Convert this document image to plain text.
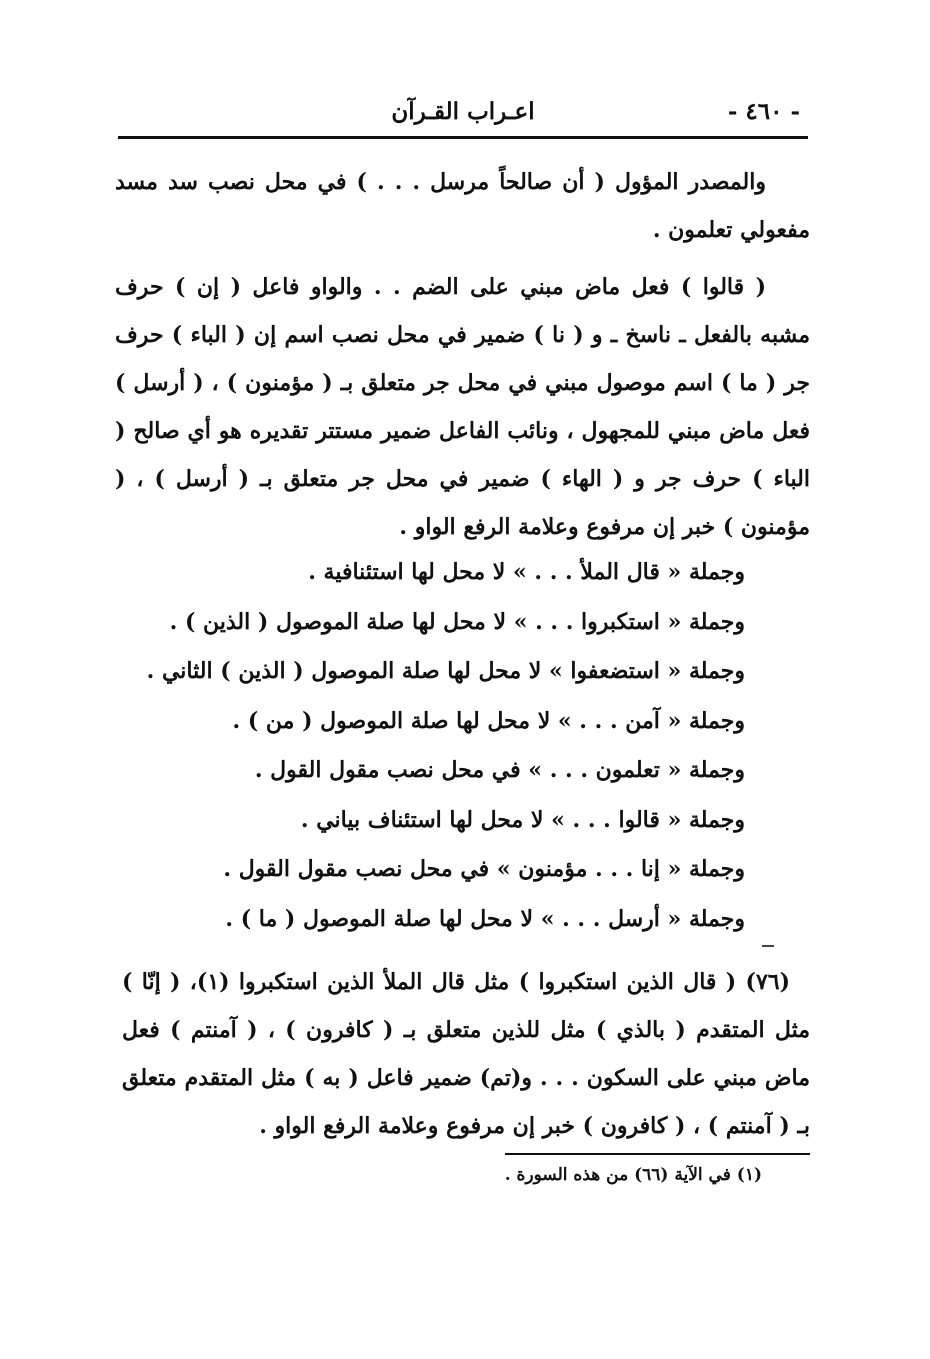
- ٤٦٠ -
اعـراب القـرآن
والمصدر المؤول ( أن صالحاً مرسل . . . ) في محل نصب سد مسد مفعولي تعلمون .
( قالوا ) فعل ماض مبني على الضم . . والواو فاعل ( إن ) حرف مشبه بالفعل ـ ناسخ ـ و ( نا ) ضمير في محل نصب اسم إن ( الباء ) حرف جر ( ما ) اسم موصول مبني في محل جر متعلق بـ ( مؤمنون ) ، ( أرسل ) فعل ماض مبني للمجهول ، ونائب الفاعل ضمير مستتر تقديره هو أي صالح ( الباء ) حرف جر و ( الهاء ) ضمير في محل جر متعلق بـ ( أرسل ) ، ( مؤمنون ) خبر إن مرفوع وعلامة الرفع الواو .
وجملة « قال الملأ . . . » لا محل لها استئنافية .
وجملة « استكبروا . . . » لا محل لها صلة الموصول ( الذين ) .
وجملة « استضعفوا » لا محل لها صلة الموصول ( الذين ) الثاني .
وجملة « آمن . . . » لا محل لها صلة الموصول ( من ) .
وجملة « تعلمون . . . » في محل نصب مقول القول .
وجملة « قالوا . . . » لا محل لها استئناف بياني .
وجملة « إنا . . . مؤمنون » في محل نصب مقول القول .
وجملة « أرسل . . . » لا محل لها صلة الموصول ( ما ) .
(٧٦) ( قال الذين استكبروا ) مثل قال الملأ الذين استكبروا (١)، ( إنّا ) مثل المتقدم ( بالذي ) مثل للذين متعلق بـ ( كافرون ) ، ( آمنتم ) فعل ماض مبني على السكون . . . و(تم) ضمير فاعل ( به ) مثل المتقدم متعلق بـ ( آمنتم ) ، ( كافرون ) خبر إن مرفوع وعلامة الرفع الواو .
(١) في الآية (٦٦) من هذه السورة .
